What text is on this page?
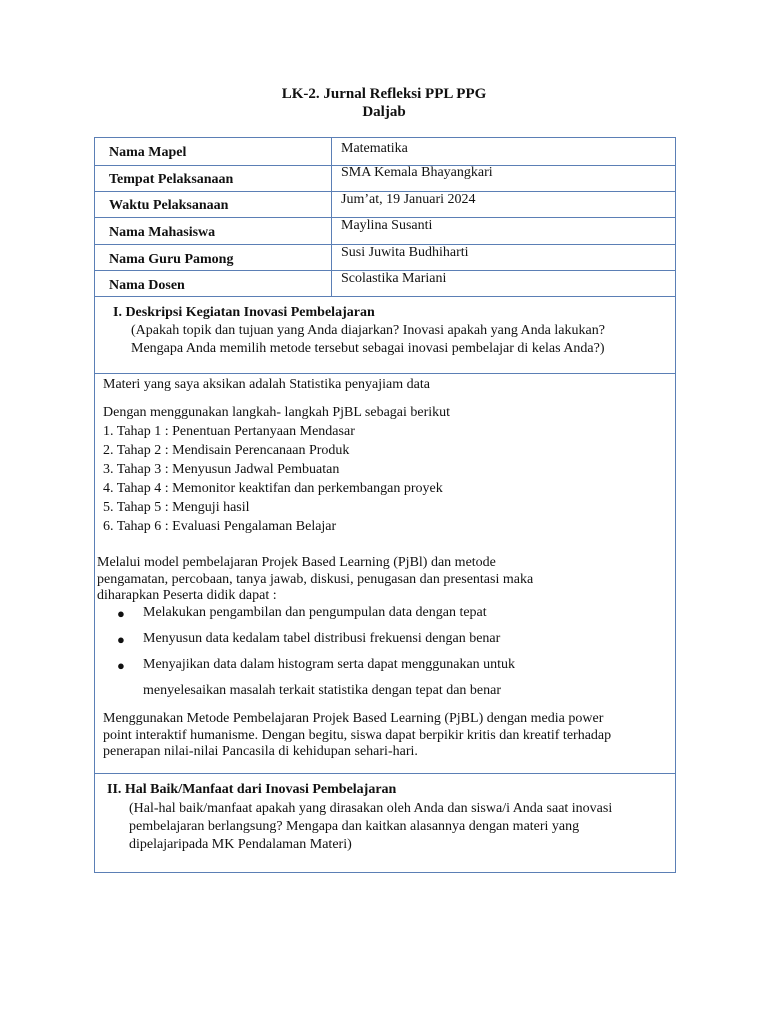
LK-2. Jurnal Refleksi PPL PPG
Daljab
Nama Mapel	Matematika
Tempat Pelaksanaan	SMA Kemala Bhayangkari
Waktu Pelaksanaan	Jum’at, 19 Januari 2024
Nama Mahasiswa	Maylina Susanti
Nama Guru Pamong	Susi Juwita Budhiharti
Nama Dosen	Scolastika Mariani
I. Deskripsi Kegiatan Inovasi Pembelajaran
(Apakah topik dan tujuan yang Anda diajarkan? Inovasi apakah yang Anda lakukan?
Mengapa Anda memilih metode tersebut sebagai inovasi pembelajar di kelas Anda?)
Materi yang saya aksikan adalah Statistika penyajiam data
Dengan menggunakan langkah- langkah PjBL sebagai berikut
1. Tahap 1 : Penentuan Pertanyaan Mendasar
2. Tahap 2 : Mendisain Perencanaan Produk
3. Tahap 3 : Menyusun Jadwal Pembuatan
4. Tahap 4 : Memonitor keaktifan dan perkembangan proyek
5. Tahap 5 : Menguji hasil
6. Tahap 6 : Evaluasi Pengalaman Belajar
Melalui model pembelajaran Projek Based Learning (PjBl) dan metode
pengamatan, percobaan, tanya jawab, diskusi, penugasan dan presentasi maka
diharapkan Peserta didik dapat :
● Melakukan pengambilan dan pengumpulan data dengan tepat
● Menyusun data kedalam tabel distribusi frekuensi dengan benar
● Menyajikan data dalam histogram serta dapat menggunakan untuk
menyelesaikan masalah terkait statistika dengan tepat dan benar
Menggunakan Metode Pembelajaran Projek Based Learning (PjBL) dengan media power
point interaktif humanisme. Dengan begitu, siswa dapat berpikir kritis dan kreatif terhadap
penerapan nilai-nilai Pancasila di kehidupan sehari-hari.
II. Hal Baik/Manfaat dari Inovasi Pembelajaran
(Hal-hal baik/manfaat apakah yang dirasakan oleh Anda dan siswa/i Anda saat inovasi
pembelajaran berlangsung? Mengapa dan kaitkan alasannya dengan materi yang
dipelajaripada MK Pendalaman Materi)
